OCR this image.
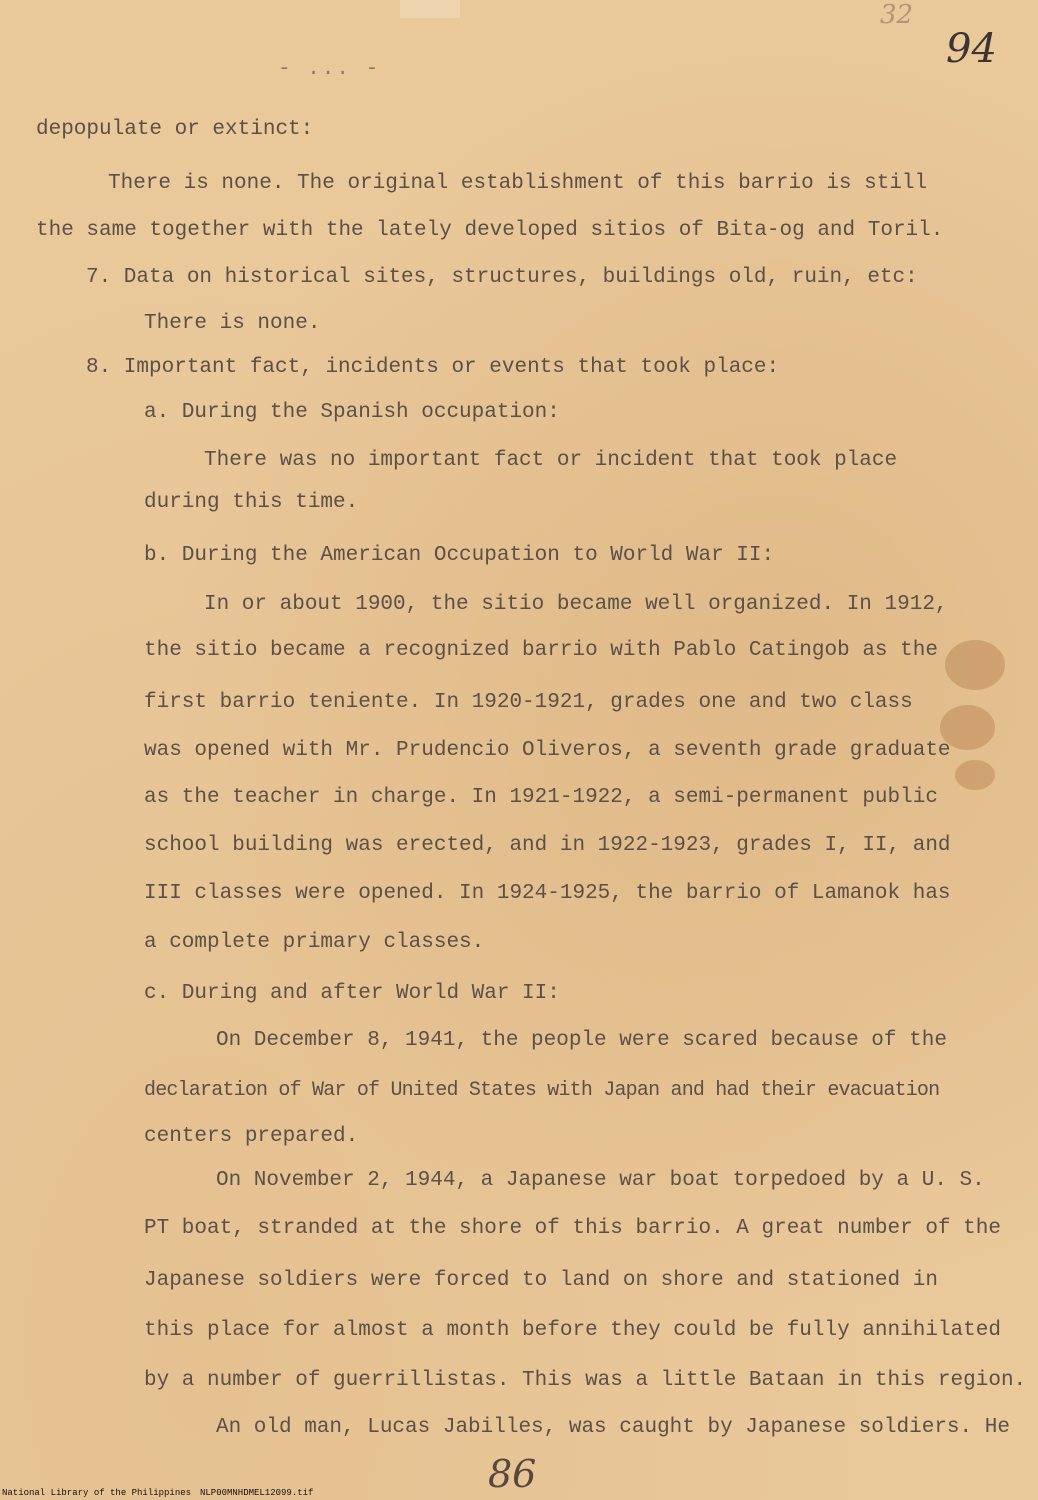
32
94
- ... -
depopulate or extinct:
There is none. The original establishment of this barrio is still
the same together with the lately developed sitios of Bita-og and Toril.
7. Data on historical sites, structures, buildings old, ruin, etc:
There is none.
8. Important fact, incidents or events that took place:
a. During the Spanish occupation:
There was no important fact or incident that took place
during this time.
b. During the American Occupation to World War II:
In or about 1900, the sitio became well organized. In 1912,
the sitio became a recognized barrio with Pablo Catingob as the
first barrio teniente. In 1920-1921, grades one and two class
was opened with Mr. Prudencio Oliveros, a seventh grade graduate
as the teacher in charge. In 1921-1922, a semi-permanent public
school building was erected, and in 1922-1923, grades I, II, and
III classes were opened. In 1924-1925, the barrio of Lamanok has
a complete primary classes.
c. During and after World War II:
On December 8, 1941, the people were scared because of the
declaration of War of United States with Japan and had their evacuation
centers prepared.
On November 2, 1944, a Japanese war boat torpedoed by a U. S.
PT boat, stranded at the shore of this barrio. A great number of the
Japanese soldiers were forced to land on shore and stationed in
this place for almost a month before they could be fully annihilated
by a number of guerrillistas. This was a little Bataan in this region.
An old man, Lucas Jabilles, was caught by Japanese soldiers. He
86
National Library of the Philippines NLP00MNHDMEL12099.tif
